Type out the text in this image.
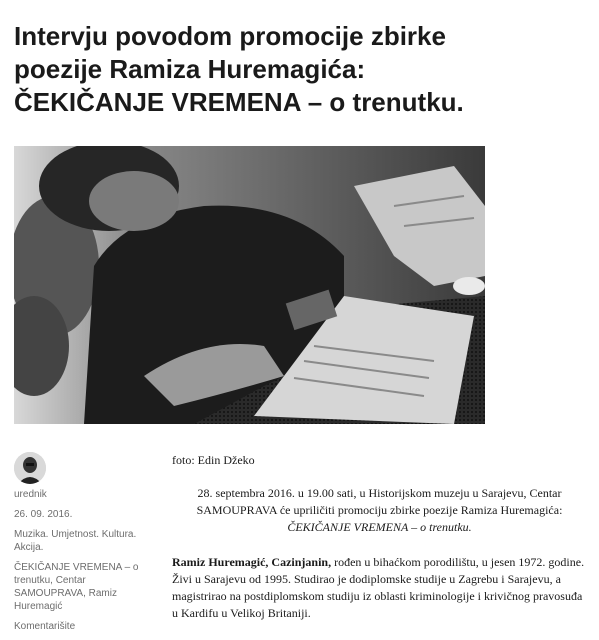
Intervju povodom promocije zbirke
poezije Ramiza Huremagića:
ČEKIČANJE VREMENA – o trenutku.
urednik
26. 09. 2016.
Muzika. Umjetnost. Kultura. Akcija.
ČEKIČANJE VREMENA – o trenutku, Centar SAMOUPRAVA, Ramiz Huremagić
Komentarišite

foto: Edin Džeko

28. septembra 2016. u 19.00 sati, u Historijskom muzeju u Sarajevu, Centar SAMOUPRAVA će upriličiti promociju zbirke poezije Ramiza Huremagića: ČEKIČANJE VREMENA – o trenutku.

Ramiz Huremagić, Cazinjanin, rođen u bihaćkom porodilištu, u jesen 1972. godine. Živi u Sarajevu od 1995. Studirao je dodiplomske studije u Zagrebu i Sarajevu, a magistrirao na postdiplomskom studiju iz oblasti kriminologije i krivičnog pravosuđa u Kardifu u Velikoj Britaniji.
